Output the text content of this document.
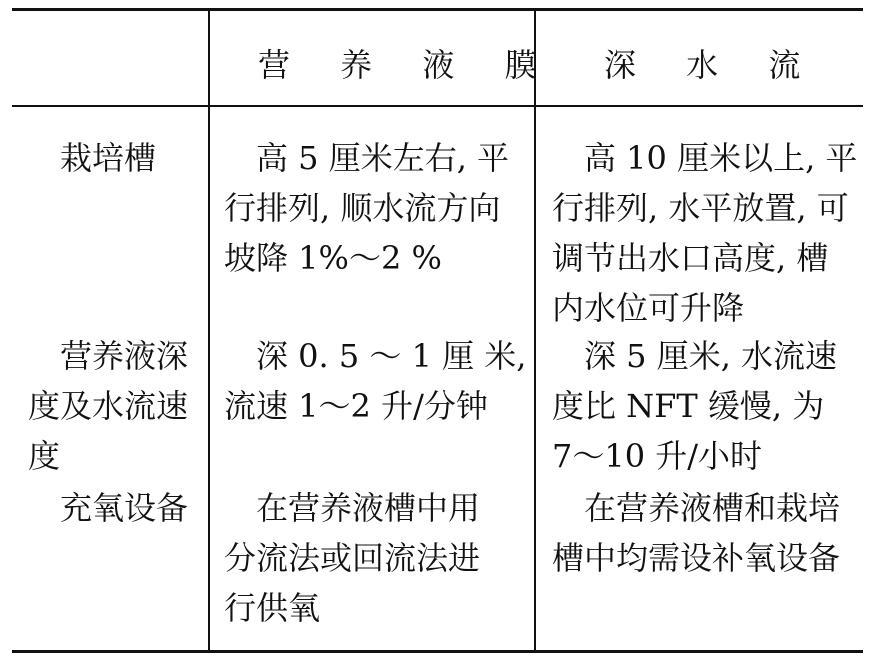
营 养 液 膜 深 水 流
栽培槽	高 5 厘米左右, 平
行排列, 顺水流方向
坡降 1%～2 %
高 10 厘米以上, 平
行排列, 水平放置, 可
调节出水口高度, 槽
内水位可升降
营养液深
度及水流速
度
深 0. 5 ～ 1 厘 米,
流速 1～2 升/分钟
深 5 厘米, 水流速
度比 NFT 缓慢, 为
7～10 升/小时
充氧设备	在营养液槽中用
分流法或回流法进
行供氧
在营养液槽和栽培
槽中均需设补氧设备
